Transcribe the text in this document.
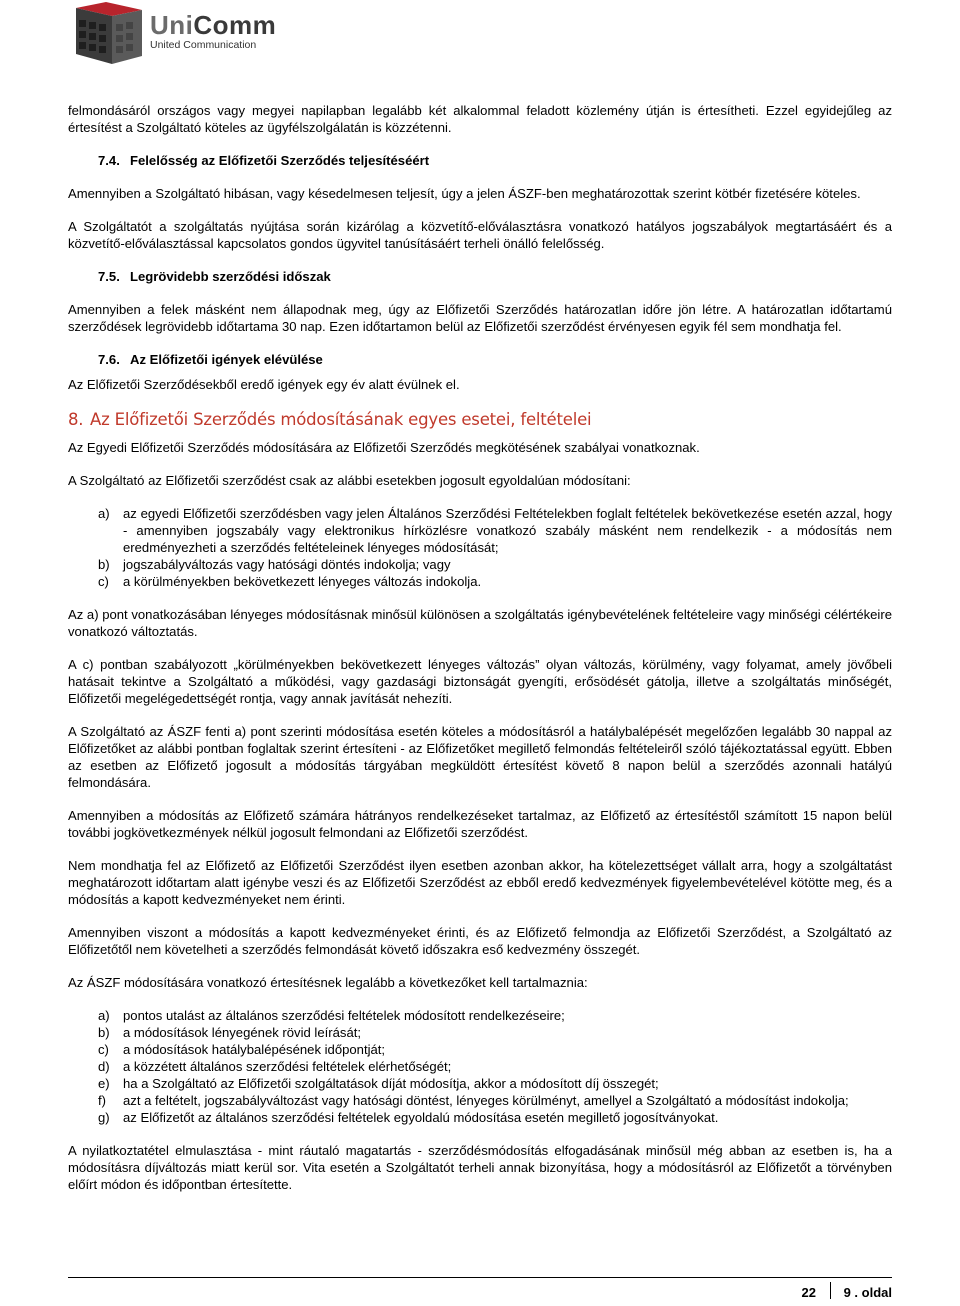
UniComm
United Communication

felmondásáról országos vagy megyei napilapban legalább két alkalommal feladott közlemény útján is értesítheti. Ezzel egyidejűleg az értesítést a Szolgáltató köteles az ügyfélszolgálatán is közzétenni.

7.4. Felelősség az Előfizetői Szerződés teljesítéséért

Amennyiben a Szolgáltató hibásan, vagy késedelmesen teljesít, úgy a jelen ÁSZF-ben meghatározottak szerint kötbér fizetésére köteles.

A Szolgáltatót a szolgáltatás nyújtása során kizárólag a közvetítő-előválasztásra vonatkozó hatályos jogszabályok megtartásáért és a közvetítő-előválasztással kapcsolatos gondos ügyvitel tanúsításáért terheli önálló felelősség.

7.5. Legrövidebb szerződési időszak

Amennyiben a felek másként nem állapodnak meg, úgy az Előfizetői Szerződés határozatlan időre jön létre. A határozatlan időtartamú szerződések legrövidebb időtartama 30 nap. Ezen időtartamon belül az Előfizetői szerződést érvényesen egyik fél sem mondhatja fel.

7.6. Az Előfizetői igények elévülése

Az Előfizetői Szerződésekből eredő igények egy év alatt évülnek el.

8. Az Előfizetői Szerződés módosításának egyes esetei, feltételei

Az Egyedi Előfizetői Szerződés módosítására az Előfizetői Szerződés megkötésének szabályai vonatkoznak.

A Szolgáltató az Előfizetői szerződést csak az alábbi esetekben jogosult egyoldalúan módosítani:

a) az egyedi Előfizetői szerződésben vagy jelen Általános Szerződési Feltételekben foglalt feltételek bekövetkezése esetén azzal, hogy - amennyiben jogszabály vagy elektronikus hírközlésre vonatkozó szabály másként nem rendelkezik - a módosítás nem eredményezheti a szerződés feltételeinek lényeges módosítását;
b) jogszabályváltozás vagy hatósági döntés indokolja; vagy
c) a körülményekben bekövetkezett lényeges változás indokolja.

Az a) pont vonatkozásában lényeges módosításnak minősül különösen a szolgáltatás igénybevételének feltételeire vagy minőségi célértékeire vonatkozó változtatás.

A c) pontban szabályozott „körülményekben bekövetkezett lényeges változás” olyan változás, körülmény, vagy folyamat, amely jövőbeli hatásait tekintve a Szolgáltató a működési, vagy gazdasági biztonságát gyengíti, erősödését gátolja, illetve a szolgáltatás minőségét, Előfizetői megelégedettségét rontja, vagy annak javítását nehezíti.

A Szolgáltató az ÁSZF fenti a) pont szerinti módosítása esetén köteles a módosításról a hatálybalépését megelőzően legalább 30 nappal az Előfizetőket az alábbi pontban foglaltak szerint értesíteni - az Előfizetőket megillető felmondás feltételeiről szóló tájékoztatással együtt. Ebben az esetben az Előfizető jogosult a módosítás tárgyában megküldött értesítést követő 8 napon belül a szerződés azonnali hatályú felmondására.

Amennyiben a módosítás az Előfizető számára hátrányos rendelkezéseket tartalmaz, az Előfizető az értesítéstől számított 15 napon belül további jogkövetkezmények nélkül jogosult felmondani az Előfizetői szerződést.

Nem mondhatja fel az Előfizető az Előfizetői Szerződést ilyen esetben azonban akkor, ha kötelezettséget vállalt arra, hogy a szolgáltatást meghatározott időtartam alatt igénybe veszi és az Előfizetői Szerződést az ebből eredő kedvezmények figyelembevételével kötötte meg, és a módosítás a kapott kedvezményeket nem érinti.

Amennyiben viszont a módosítás a kapott kedvezményeket érinti, és az Előfizető felmondja az Előfizetői Szerződést, a Szolgáltató az Előfizetőtől nem követelheti a szerződés felmondását követő időszakra eső kedvezmény összegét.

Az ÁSZF módosítására vonatkozó értesítésnek legalább a következőket kell tartalmaznia:

a) pontos utalást az általános szerződési feltételek módosított rendelkezéseire;
b) a módosítások lényegének rövid leírását;
c) a módosítások hatálybalépésének időpontját;
d) a közzétett általános szerződési feltételek elérhetőségét;
e) ha a Szolgáltató az Előfizetői szolgáltatások díját módosítja, akkor a módosított díj összegét;
f) azt a feltételt, jogszabályváltozást vagy hatósági döntést, lényeges körülményt, amellyel a Szolgáltató a módosítást indokolja;
g) az Előfizetőt az általános szerződési feltételek egyoldalú módosítása esetén megillető jogosítványokat.

A nyilatkoztatétel elmulasztása - mint ráutaló magatartás - szerződésmódosítás elfogadásának minősül még abban az esetben is, ha a módosításra díjváltozás miatt kerül sor. Vita esetén a Szolgáltatót terheli annak bizonyítása, hogy a módosításról az Előfizetőt a törvényben előírt módon és időpontban értesítette.

22 9 . oldal
